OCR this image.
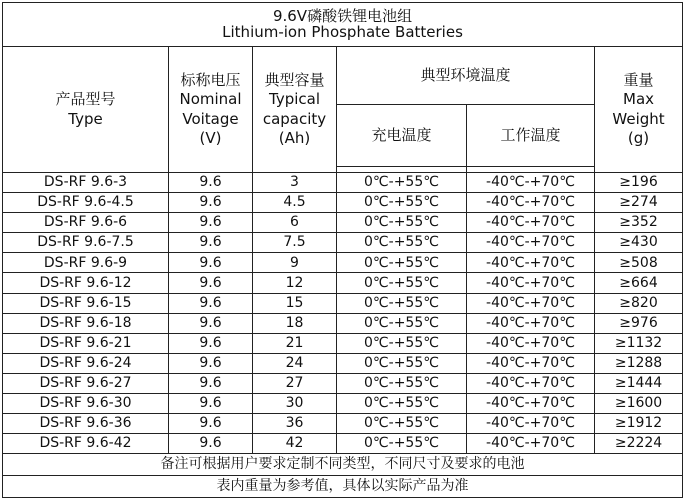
9.6V磷酸铁锂电池组
Lithium-ion Phosphate Batteries					

产品型号
Type	标称电压
Nominal
Voitage
(V)	典型容量
Typical
capacity
(Ah)	典型环境温度		重量
Max
Weight
(g)

			充电温度	工作温度	

DS-RF 9.6-3	9.6	3	0℃-+55℃	-40℃-+70℃	≥196
DS-RF 9.6-4.5	9.6	4.5	0℃-+55℃	-40℃-+70℃	≥274
DS-RF 9.6-6	9.6	6	0℃-+55℃	-40℃-+70℃	≥352
DS-RF 9.6-7.5	9.6	7.5	0℃-+55℃	-40℃-+70℃	≥430
DS-RF 9.6-9	9.6	9	0℃-+55℃	-40℃-+70℃	≥508
DS-RF 9.6-12	9.6	12	0℃-+55℃	-40℃-+70℃	≥664
DS-RF 9.6-15	9.6	15	0℃-+55℃	-40℃-+70℃	≥820
DS-RF 9.6-18	9.6	18	0℃-+55℃	-40℃-+70℃	≥976
DS-RF 9.6-21	9.6	21	0℃-+55℃	-40℃-+70℃	≥1132
DS-RF 9.6-24	9.6	24	0℃-+55℃	-40℃-+70℃	≥1288
DS-RF 9.6-27	9.6	27	0℃-+55℃	-40℃-+70℃	≥1444
DS-RF 9.6-30	9.6	30	0℃-+55℃	-40℃-+70℃	≥1600
DS-RF 9.6-36	9.6	36	0℃-+55℃	-40℃-+70℃	≥1912
DS-RF 9.6-42	9.6	42	0℃-+55℃	-40℃-+70℃	≥2224
备注可根据用户要求定制不同类型，不同尺寸及要求的电池					
表内重量为参考值，具体以实际产品为准					
